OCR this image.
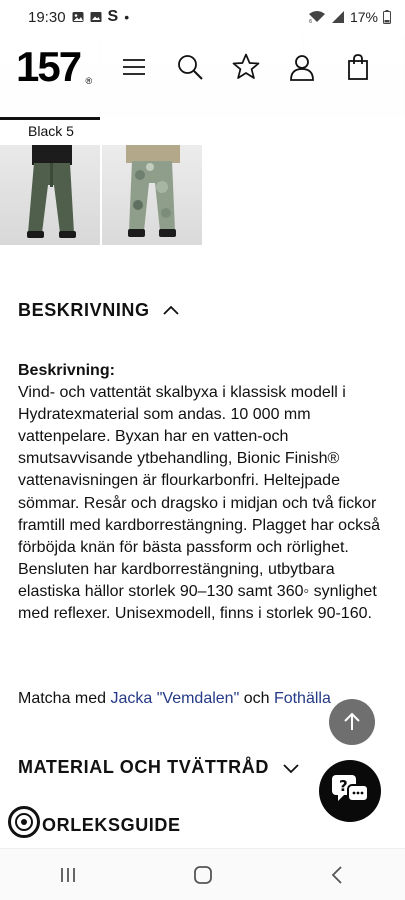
19:30	S •	6	17%
157 ®
Black 5
BESKRIVNING
Beskrivning:
Vind- och vattentät skalbyxa i klassisk modell i Hydratexmaterial som andas. 10 000 mm vattenpelare. Byxan har en vatten-och smutsavvisande ytbehandling, Bionic Finish® vattenavisningen är flourkarbonfri. Heltejpade sömmar. Resår och dragsko i midjan och två fickor framtill med kardborrestängning. Plagget har också förböjda knän för bästa passform och rörlighet. Bensluten har kardborrestängning, utbytbara elastiska hällor storlek 90–130 samt 360◦ synlighet med reflexer. Unisexmodell, finns i storlek 90-160.
Matcha med Jacka "Vemdalen" och Fothälla
MATERIAL OCH TVÄTTRÅD
ORLEKSGUIDE
?
